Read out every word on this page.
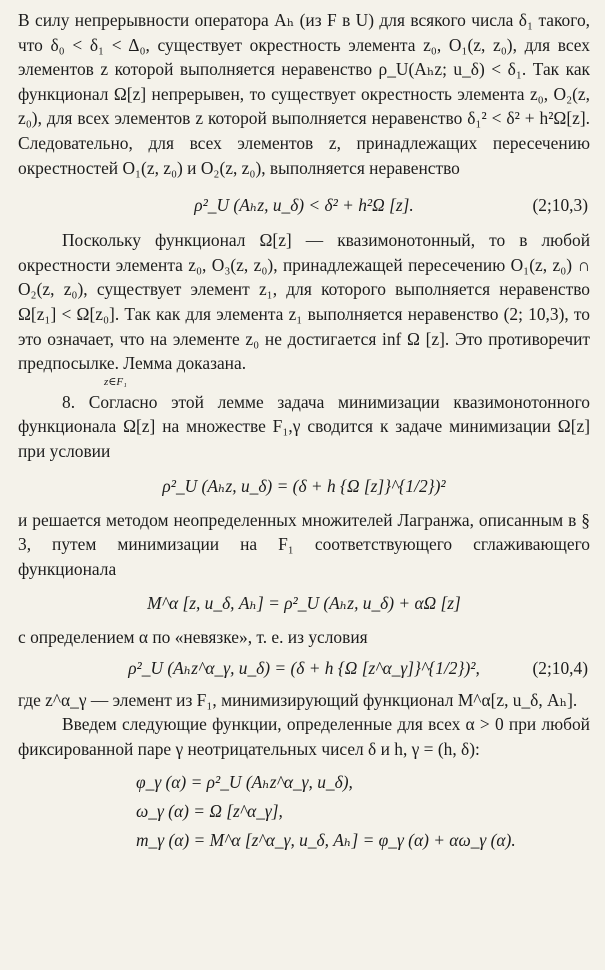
В силу непрерывности оператора Aₕ (из F в U) для всякого числа δ₁ такого, что δ₀ < δ₁ < Δ₀, существует окрестность элемента z₀, O₁(z, z₀), для всех элементов z которой выполняется неравенство ρ_U(Aₕz; u_δ) < δ₁. Так как функционал Ω[z] непрерывен, то существует окрестность элемента z₀, O₂(z, z₀), для всех элементов z которой выполняется неравенство δ₁² < δ² + h²Ω[z]. Следовательно, для всех элементов z, принадлежащих пересечению окрестностей O₁(z, z₀) и O₂(z, z₀), выполняется неравенство

ρ²_U (Aₕz, u_δ) < δ² + h²Ω [z].	(2;10,3)

Поскольку функционал Ω[z] — квазимонотонный, то в любой окрестности элемента z₀, O₃(z, z₀), принадлежащей пересечению O₁(z, z₀) ∩ O₂(z, z₀), существует элемент z₁, для которого выполняется неравенство Ω[z₁] < Ω[z₀]. Так как для элемента z₁ выполняется неравенство (2; 10,3), то это означает, что на элементе z₀ не достигается inf Ω [z]. Это противоречит предпосылке. Лемма доказана.

z∈F₁

8. Согласно этой лемме задача минимизации квазимонотонного функционала Ω[z] на множестве F₁,γ сводится к задаче минимизации Ω[z] при условии

ρ²_U (Aₕz, u_δ) = (δ + h {Ω [z]}^{1/2})²

и решается методом неопределенных множителей Лагранжа, описанным в § 3, путем минимизации на F₁ соответствующего сглаживающего функционала

M^α [z, u_δ, Aₕ] = ρ²_U (Aₕz, u_δ) + αΩ [z]

с определением α по «невязке», т. е. из условия

ρ²_U (Aₕz^α_γ, u_δ) = (δ + h {Ω [z^α_γ]}^{1/2})²,	(2;10,4)

где z^α_γ — элемент из F₁, минимизирующий функционал M^α[z, u_δ, Aₕ].

Введем следующие функции, определенные для всех α > 0 при любой фиксированной паре γ неотрицательных чисел δ и h, γ = (h, δ):

φ_γ (α) = ρ²_U (Aₕz^α_γ, u_δ),
ω_γ (α) = Ω [z^α_γ],
m_γ (α) = M^α [z^α_γ, u_δ, Aₕ] = φ_γ (α) + αω_γ (α).
